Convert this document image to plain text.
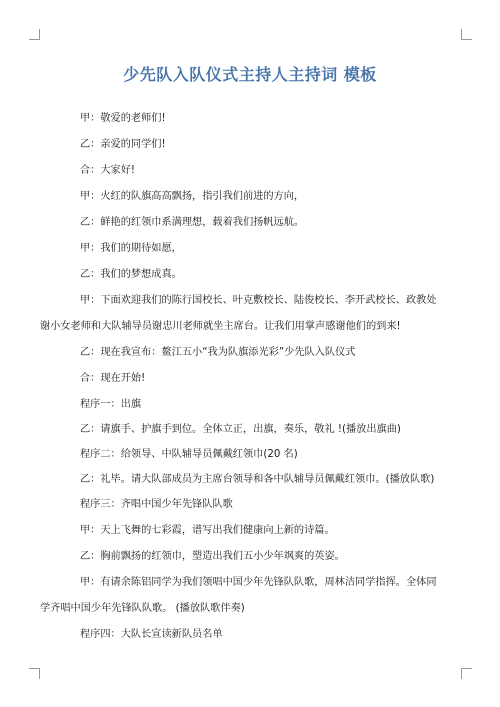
少先队入队仪式主持人主持词 模板
甲：敬爱的老师们!
乙：亲爱的同学们!
合：大家好!
甲：火红的队旗高高飘扬，指引我们前进的方向，
乙：鲜艳的红领巾系满理想，载着我们扬帆远航。
甲：我们的期待如愿，
乙：我们的梦想成真。
甲：下面欢迎我们的陈行国校长、叶克敷校长、陆俊校长、李开武校长、政教处
谢小女老师和大队辅导员谢忠川老师就坐主席台。让我们用掌声感谢他们的到来!
乙：现在我宣布：鳌江五小“我为队旗添光彩”少先队入队仪式
合：现在开始!
程序一：出旗
乙：请旗手、护旗手到位。全体立正，出旗，奏乐，敬礼 !(播放出旗曲)
程序二：给领导、中队辅导员佩戴红领巾(20 名)
乙：礼毕。请大队部成员为主席台领导和各中队辅导员佩戴红领巾。(播放队歌)
程序三：齐唱中国少年先锋队队歌
甲：天上飞舞的七彩霞，谱写出我们健康向上新的诗篇。
乙：胸前飘扬的红领巾，塑造出我们五小少年飒爽的英姿。
甲：有请余陈铝同学为我们领唱中国少年先锋队队歌，周林洁同学指挥。全体同
学齐唱中国少年先锋队队歌。 (播放队歌伴奏)
程序四：大队长宣读新队员名单
